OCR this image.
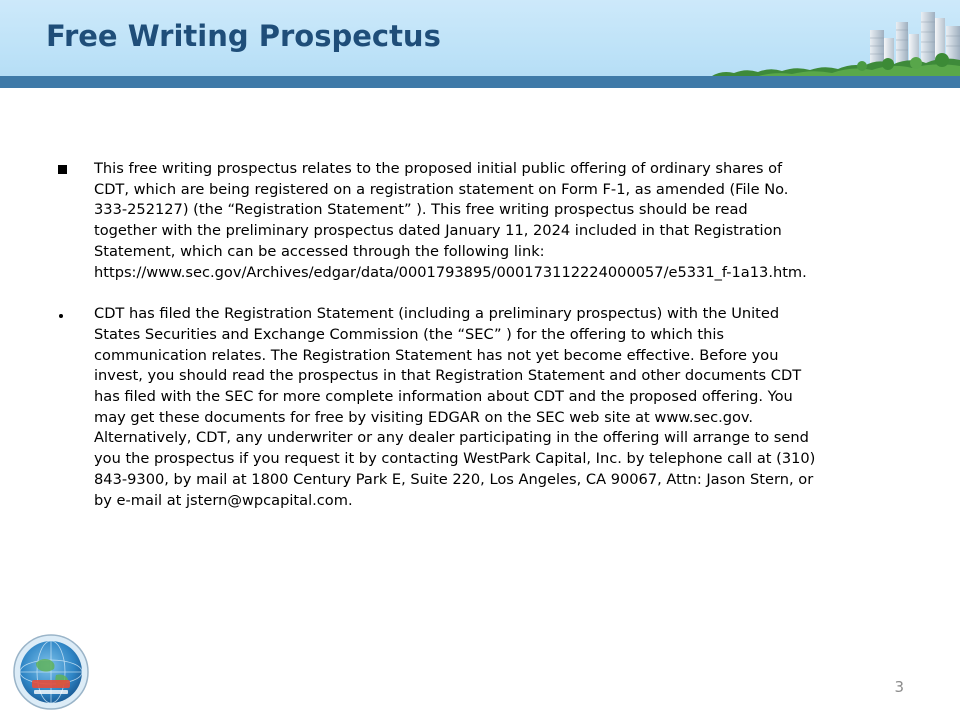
Free Writing Prospectus

This free writing prospectus relates to the proposed initial public offering of ordinary shares of
CDT, which are being registered on a registration statement on Form F-1, as amended (File No.
333-252127) (the “Registration Statement” ). This free writing prospectus should be read
together with the preliminary prospectus dated January 11, 2024 included in that Registration
Statement, which can be accessed through the following link:
https://www.sec.gov/Archives/edgar/data/0001793895/000173112224000057/e5331_f-1a13.htm.

CDT has filed the Registration Statement (including a preliminary prospectus) with the United
States Securities and Exchange Commission (the “SEC” ) for the offering to which this
communication relates. The Registration Statement has not yet become effective. Before you
invest, you should read the prospectus in that Registration Statement and other documents CDT
has filed with the SEC for more complete information about CDT and the proposed offering. You
may get these documents for free by visiting EDGAR on the SEC web site at www.sec.gov.
Alternatively, CDT, any underwriter or any dealer participating in the offering will arrange to send
you the prospectus if you request it by contacting WestPark Capital, Inc. by telephone call at (310)
843-9300, by mail at 1800 Century Park E, Suite 220, Los Angeles, CA 90067, Attn: Jason Stern, or
by e-mail at jstern@wpcapital.com.

3
